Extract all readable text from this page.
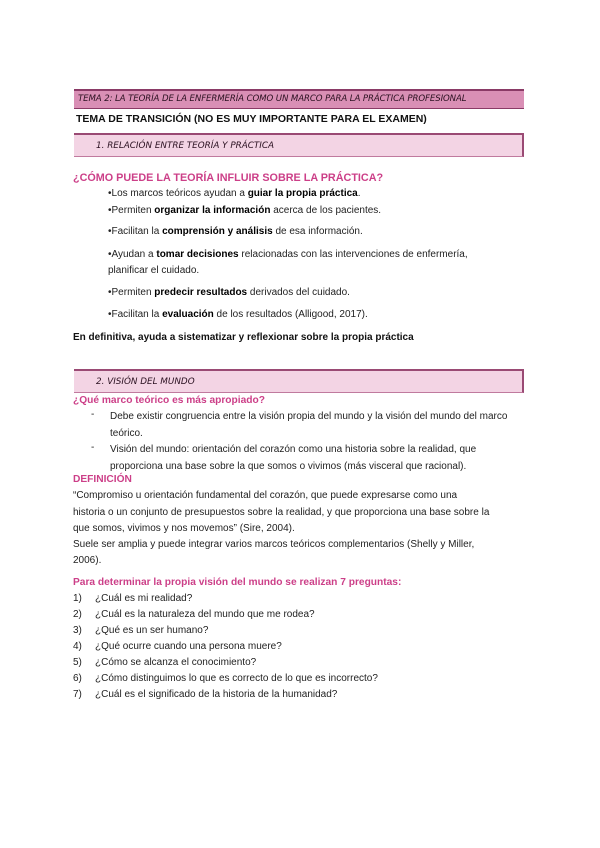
TEMA 2: LA TEORÍA DE LA ENFERMERÍA COMO UN MARCO PARA LA PRÁCTICA PROFESIONAL
TEMA DE TRANSICIÓN (NO ES MUY IMPORTANTE PARA EL EXAMEN)
1. RELACIÓN ENTRE TEORÍA Y PRÁCTICA
¿CÓMO PUEDE LA TEORÍA INFLUIR SOBRE LA PRÁCTICA?
•Los marcos teóricos ayudan a guiar la propia práctica.
•Permiten organizar la información acerca de los pacientes.
•Facilitan la comprensión y análisis de esa información.
•Ayudan a tomar decisiones relacionadas con las intervenciones de enfermería,
planificar el cuidado.
•Permiten predecir resultados derivados del cuidado.
•Facilitan la evaluación de los resultados (Alligood, 2017).
En definitiva, ayuda a sistematizar y reflexionar sobre la propia práctica
2. VISIÓN DEL MUNDO
¿Qué marco teórico es más apropiado?
- Debe existir congruencia entre la visión propia del mundo y la visión del mundo del marco teórico.
- Visión del mundo: orientación del corazón como una historia sobre la realidad, que proporciona una base sobre la que somos o vivimos (más visceral que racional).
DEFINICIÓN
“Compromiso u orientación fundamental del corazón, que puede expresarse como una
historia o un conjunto de presupuestos sobre la realidad, y que proporciona una base sobre la
que somos, vivimos y nos movemos” (Sire, 2004).
Suele ser amplia y puede integrar varios marcos teóricos complementarios (Shelly y Miller,
2006).
Para determinar la propia visión del mundo se realizan 7 preguntas:
1) ¿Cuál es mi realidad?
2) ¿Cuál es la naturaleza del mundo que me rodea?
3) ¿Qué es un ser humano?
4) ¿Qué ocurre cuando una persona muere?
5) ¿Cómo se alcanza el conocimiento?
6) ¿Cómo distinguimos lo que es correcto de lo que es incorrecto?
7) ¿Cuál es el significado de la historia de la humanidad?
